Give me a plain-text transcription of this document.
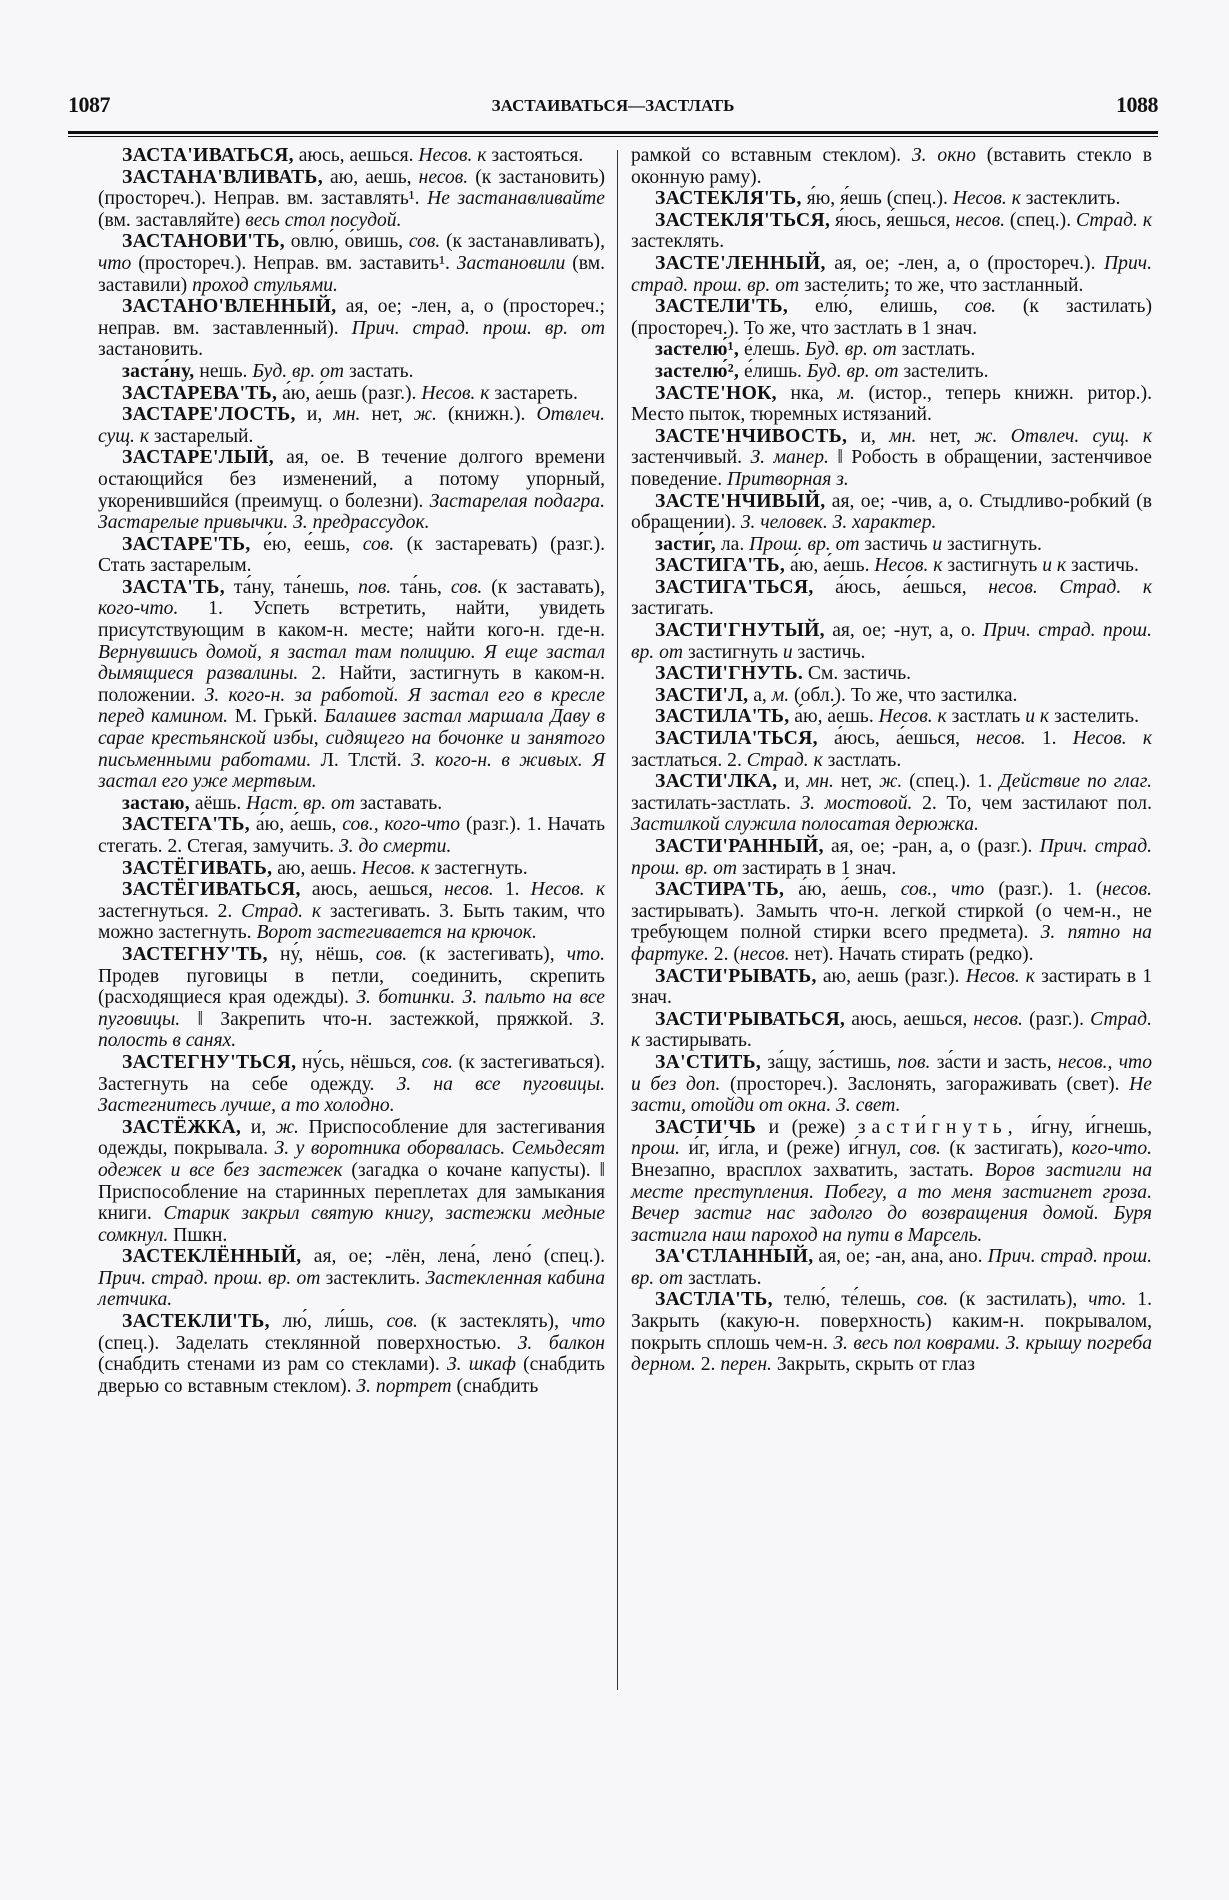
1087	ЗАСТАИВАТЬСЯ—ЗАСТЛАТЬ	1088

ЗАСТА'ИВАТЬСЯ, аюсь, аешься. Несов. к застояться.

ЗАСТАНА'ВЛИВАТЬ, аю, аешь, несов. (к застановить) (простореч.). Неправ. вм. заставлять¹. Не застанавливайте (вм. заставляйте) весь стол посудой.

ЗАСТАНОВИ'ТЬ, овлю́, о́вишь, сов. (к застанавливать), что (простореч.). Неправ. вм. заставить¹. Застановили (вм. заставили) проход стульями.

ЗАСТАНО'ВЛЕННЫЙ, ая, ое; -лен, а, о (простореч.; неправ. вм. заставленный). Прич. страд. прош. вр. от застановить.

заста́ну, нешь. Буд. вр. от застать.

ЗАСТАРЕВА'ТЬ, а́ю, а́ешь (разг.). Несов. к застареть.

ЗАСТАРЕ'ЛОСТЬ, и, мн. нет, ж. (книжн.). Отвлеч. сущ. к застарелый.

ЗАСТАРЕ'ЛЫЙ, ая, ое. В течение долгого времени остающийся без изменений, а потому упорный, укоренившийся (преимущ. о болезни). Застарелая подагра. Застарелые привычки. З. предрассудок.

ЗАСТАРЕ'ТЬ, е́ю, е́ешь, сов. (к застаревать) (разг.). Стать застарелым.

ЗАСТА'ТЬ, та́ну, та́нешь, пов. та́нь, сов. (к заставать), кого-что. 1. Успеть встретить, найти, увидеть присутствующим в каком-н. месте; найти кого-н. где-н. Вернувшись домой, я застал там полицию. Я еще застал дымящиеся развалины. 2. Найти, застигнуть в каком-н. положении. З. кого-н. за работой. Я застал его в кресле перед камином. М. Грькй. Балашев застал маршала Даву в сарае крестьянской избы, сидящего на бочонке и занятого письменными работами. Л. Тлстй. З. кого-н. в живых. Я застал его уже мертвым.

застаю, аёшь. Наст. вр. от заставать.

ЗАСТЕГА'ТЬ, а́ю, а́ешь, сов., кого-что (разг.). 1. Начать стегать. 2. Стегая, замучить. З. до смерти.

ЗАСТЁГИВАТЬ, аю, аешь. Несов. к застегнуть.

ЗАСТЁГИВАТЬСЯ, аюсь, аешься, несов. 1. Несов. к застегнуться. 2. Страд. к застегивать. 3. Быть таким, что можно застегнуть. Ворот застегивается на крючок.

ЗАСТЕГНУ'ТЬ, ну́, нёшь, сов. (к застегивать), что. Продев пуговицы в петли, соединить, скрепить (расходящиеся края одежды). З. ботинки. З. пальто на все пуговицы. ‖ Закрепить что-н. застежкой, пряжкой. З. полость в санях.

ЗАСТЕГНУ'ТЬСЯ, ну́сь, нёшься, сов. (к застегиваться). Застегнуть на себе одежду. З. на все пуговицы. Застегнитесь лучше, а то холодно.

ЗАСТЁЖКА, и, ж. Приспособление для застегивания одежды, покрывала. З. у воротника оборвалась. Семьдесят одежек и все без застежек (загадка о кочане капусты). ‖ Приспособление на старинных переплетах для замыкания книги. Старик закрыл святую книгу, застежки медные сомкнул. Пшкн.

ЗАСТЕКЛЁННЫЙ, ая, ое; -лён, лена́, лено́ (спец.). Прич. страд. прош. вр. от застеклить. Застекленная кабина летчика.

ЗАСТЕКЛИ'ТЬ, лю́, ли́шь, сов. (к застеклять), что (спец.). Заделать стеклянной поверхностью. З. балкон (снабдить стенами из рам со стеклами). З. шкаф (снабдить дверью со вставным стеклом). З. портрет (снабдить

рамкой со вставным стеклом). З. окно (вставить стекло в оконную раму).

ЗАСТЕКЛЯ'ТЬ, я́ю, я́ешь (спец.). Несов. к застеклить.

ЗАСТЕКЛЯ'ТЬСЯ, я́юсь, я́ешься, несов. (спец.). Страд. к застеклять.

ЗАСТЕ'ЛЕННЫЙ, ая, ое; -лен, а, о (простореч.). Прич. страд. прош. вр. от застелить; то же, что застланный.

ЗАСТЕЛИ'ТЬ, елю́, е́лишь, сов. (к застилать) (простореч.). То же, что застлать в 1 знач.

застелю́¹, е́лешь. Буд. вр. от застлать.

застелю́², е́лишь. Буд. вр. от застелить.

ЗАСТЕ'НОК, нка, м. (истор., теперь книжн. ритор.). Место пыток, тюремных истязаний.

ЗАСТЕ'НЧИВОСТЬ, и, мн. нет, ж. Отвлеч. сущ. к застенчивый. З. манер. ‖ Робость в обращении, застенчивое поведение. Притворная з.

ЗАСТЕ'НЧИВЫЙ, ая, ое; -чив, а, о. Стыдливо-робкий (в обращении). З. человек. З. характер.

засти́г, ла. Прош. вр. от застичь и застигнуть.

ЗАСТИГА'ТЬ, а́ю, а́ешь. Несов. к застигнуть и к застичь.

ЗАСТИГА'ТЬСЯ, а́юсь, а́ешься, несов. Страд. к застигать.

ЗАСТИ'ГНУТЫЙ, ая, ое; -нут, а, о. Прич. страд. прош. вр. от застигнуть и застичь.

ЗАСТИ'ГНУТЬ. См. застичь.

ЗАСТИ'Л, а, м. (обл.). То же, что застилка.

ЗАСТИЛА'ТЬ, а́ю, а́ешь. Несов. к застлать и к застелить.

ЗАСТИЛА'ТЬСЯ, а́юсь, а́ешься, несов. 1. Несов. к застлаться. 2. Страд. к застлать.

ЗАСТИ'ЛКА, и, мн. нет, ж. (спец.). 1. Действие по глаг. застилать-застлать. З. мостовой. 2. То, чем застилают пол. Застилкой служила полосатая дерюжка.

ЗАСТИ'РАННЫЙ, ая, ое; -ран, а, о (разг.). Прич. страд. прош. вр. от застирать в 1 знач.

ЗАСТИРА'ТЬ, а́ю, а́ешь, сов., что (разг.). 1. (несов. застирывать). Замыть что-н. легкой стиркой (о чем-н., не требующем полной стирки всего предмета). З. пятно на фартуке. 2. (несов. нет). Начать стирать (редко).

ЗАСТИ'РЫВАТЬ, аю, аешь (разг.). Несов. к застирать в 1 знач.

ЗАСТИ'РЫВАТЬСЯ, аюсь, аешься, несов. (разг.). Страд. к застирывать.

ЗА'СТИТЬ, за́щу, за́стишь, пов. за́сти и засть, несов., что и без доп. (простореч.). Заслонять, загораживать (свет). Не засти, отойди от окна. З. свет.

ЗАСТИ'ЧЬ и (реже) засти́гнуть, и́гну, и́гнешь, прош. и́г, и́гла, и (реже) и́гнул, сов. (к застигать), кого-что. Внезапно, врасплох захватить, застать. Воров застигли на месте преступления. Побегу, а то меня застигнет гроза. Вечер застиг нас задолго до возвращения домой. Буря застигла наш пароход на пути в Марсель.

ЗА'СТЛАННЫЙ, ая, ое; -ан, ана́, ано. Прич. страд. прош. вр. от застлать.

ЗАСТЛА'ТЬ, телю́, те́лешь, сов. (к застилать), что. 1. Закрыть (какую-н. поверхность) каким-н. покрывалом, покрыть сплошь чем-н. З. весь пол коврами. З. крышу погреба дерном. 2. перен. Закрыть, скрыть от глаз
